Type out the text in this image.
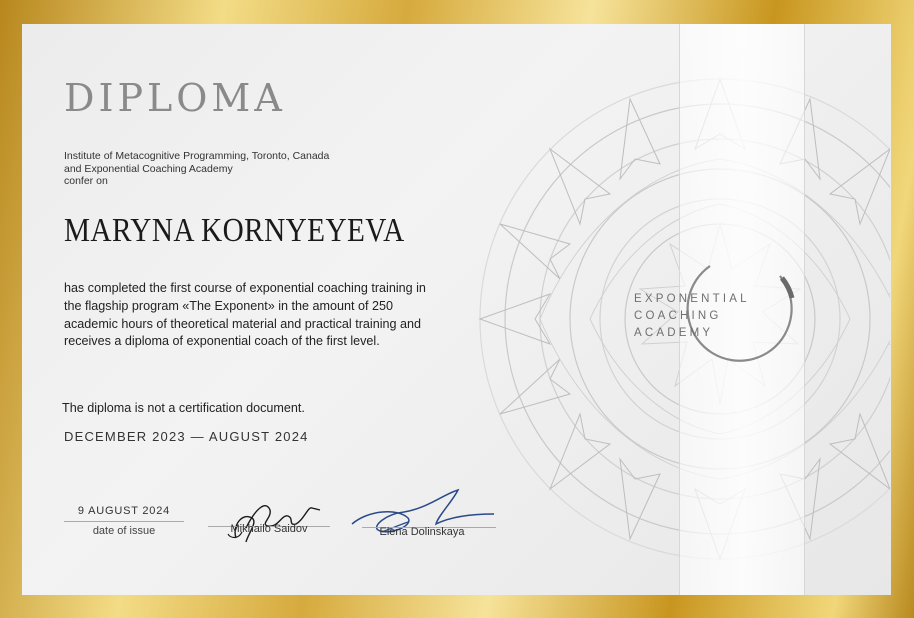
EXPONENTIAL
COACHING
ACADEMY
DIPLOMA
Institute of Metacognitive Programming, Toronto, Canada
and Exponential Coaching Academy
confer on
MARYNA KORNYEYEVA
has completed the first course of exponential coaching training in the flagship program «The Exponent» in the amount of 250 academic hours of theoretical material and practical training and receives a diploma of exponential coach of the first level.
The diploma is not a certification document.
DECEMBER 2023 — AUGUST 2024
9 AUGUST 2024
date of issue	Mikhailo Saidov	Elena Dolinskaya
